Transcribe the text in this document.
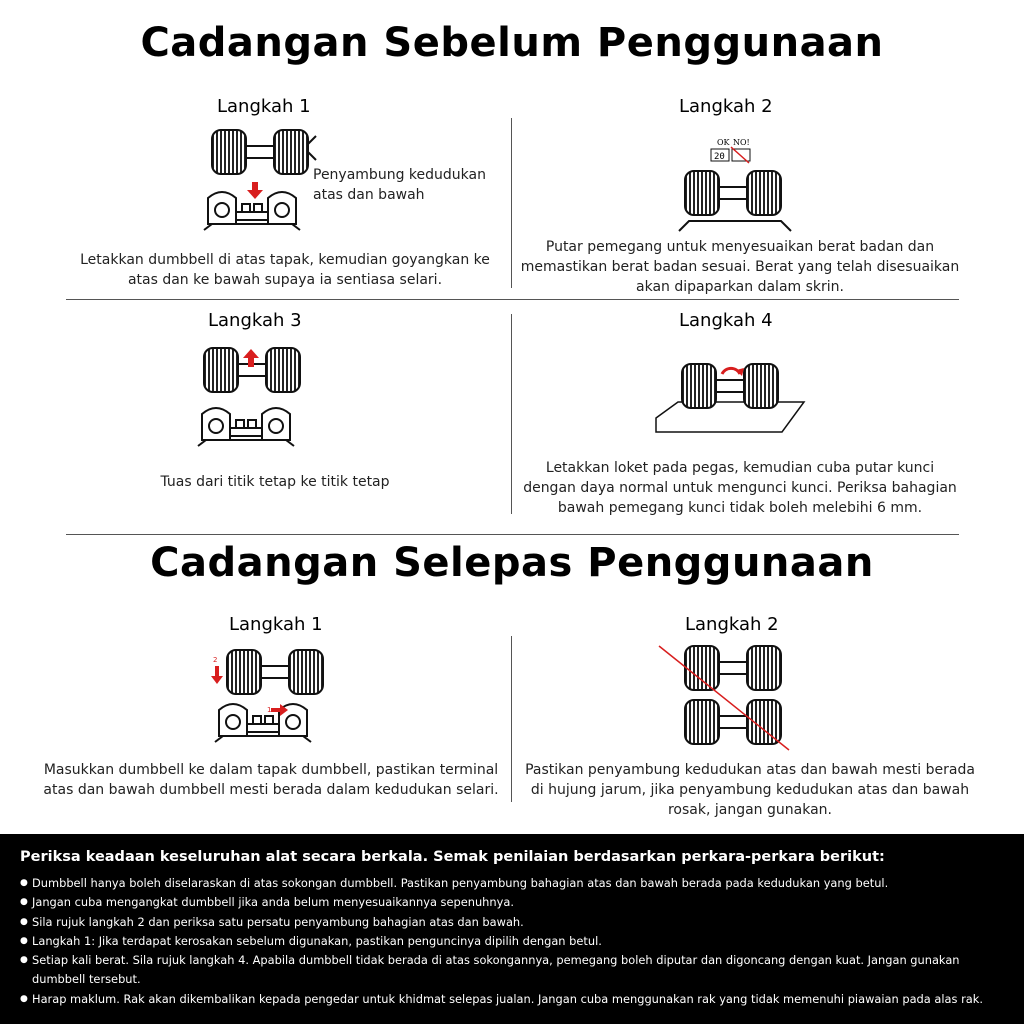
Cadangan Sebelum Penggunaan
Langkah 1
Penyambung kedudukan atas dan bawah
Letakkan dumbbell di atas tapak, kemudian goyangkan ke atas dan ke bawah supaya ia sentiasa selari.
Langkah 2
OK NO!
20
Putar pemegang untuk menyesuaikan berat badan dan memastikan berat badan sesuai. Berat yang telah disesuaikan akan dipaparkan dalam skrin.
Langkah 3
Tuas dari titik tetap ke titik tetap
Langkah 4
Letakkan loket pada pegas, kemudian cuba putar kunci dengan daya normal untuk mengunci kunci. Periksa bahagian bawah pemegang kunci tidak boleh melebihi 6 mm.
Cadangan Selepas Penggunaan
Langkah 1
2
1
Masukkan dumbbell ke dalam tapak dumbbell, pastikan terminal atas dan bawah dumbbell mesti berada dalam kedudukan selari.
Langkah 2
Pastikan penyambung kedudukan atas dan bawah mesti berada di hujung jarum, jika penyambung kedudukan atas dan bawah rosak, jangan gunakan.
Periksa keadaan keseluruhan alat secara berkala. Semak penilaian berdasarkan perkara-perkara berikut:
● Dumbbell hanya boleh diselaraskan di atas sokongan dumbbell. Pastikan penyambung bahagian atas dan bawah berada pada kedudukan yang betul.
● Jangan cuba mengangkat dumbbell jika anda belum menyesuaikannya sepenuhnya.
● Sila rujuk langkah 2 dan periksa satu persatu penyambung bahagian atas dan bawah.
● Langkah 1: Jika terdapat kerosakan sebelum digunakan, pastikan penguncinya dipilih dengan betul.
● Setiap kali berat. Sila rujuk langkah 4. Apabila dumbbell tidak berada di atas sokongannya, pemegang boleh diputar dan digoncang dengan kuat. Jangan gunakan dumbbell tersebut.
● Harap maklum. Rak akan dikembalikan kepada pengedar untuk khidmat selepas jualan. Jangan cuba menggunakan rak yang tidak memenuhi piawaian pada alas rak.
